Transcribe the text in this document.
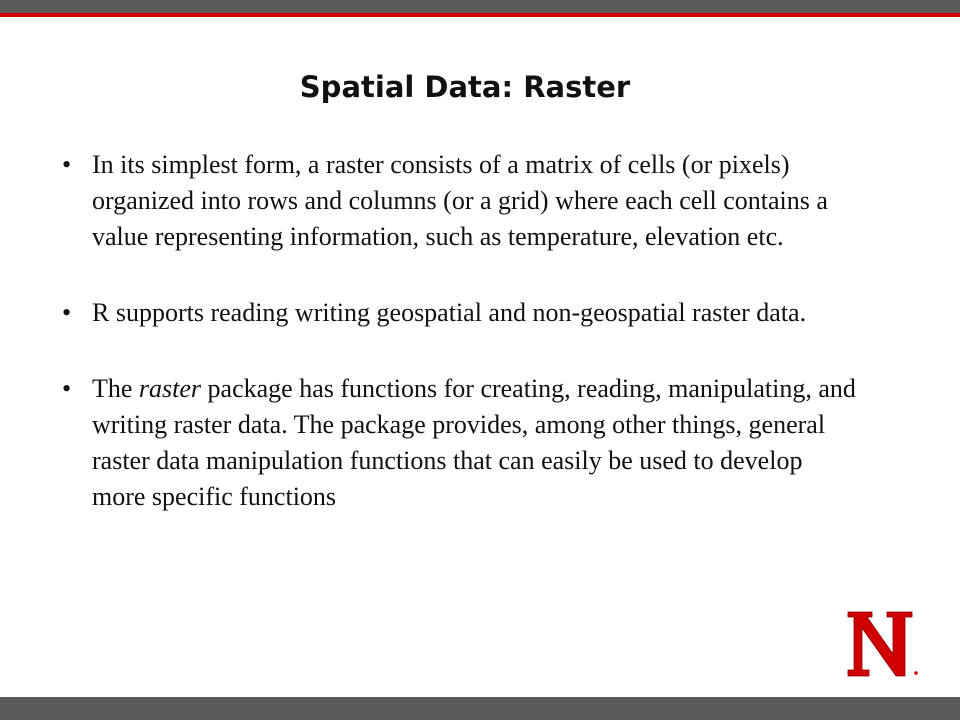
Spatial Data: Raster
• In its simplest form, a raster consists of a matrix of cells (or pixels) organized into rows and columns (or a grid) where each cell contains a value representing information, such as temperature, elevation etc.
• R supports reading writing geospatial and non-geospatial raster data.
• The raster package has functions for creating, reading, manipulating, and writing raster data. The package provides, among other things, general raster data manipulation functions that can easily be used to develop more specific functions
